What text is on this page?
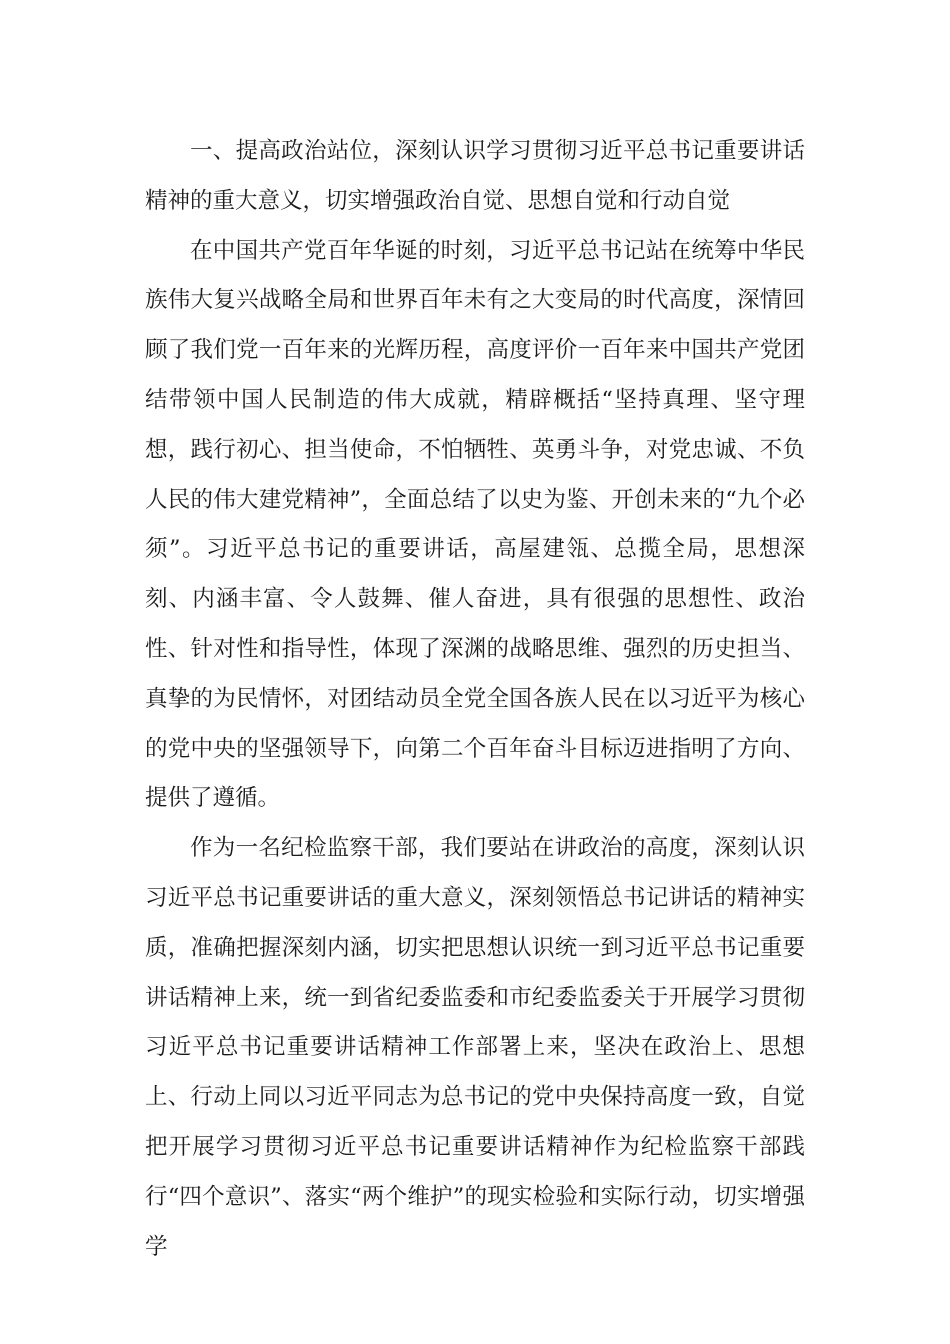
一、提高政治站位，深刻认识学习贯彻习近平总书记重要讲话精神的重大意义，切实增强政治自觉、思想自觉和行动自觉

在中国共产党百年华诞的时刻，习近平总书记站在统筹中华民族伟大复兴战略全局和世界百年未有之大变局的时代高度，深情回顾了我们党一百年来的光辉历程，高度评价一百年来中国共产党团结带领中国人民制造的伟大成就，精辟概括“坚持真理、坚守理想，践行初心、担当使命，不怕牺牲、英勇斗争，对党忠诚、不负人民的伟大建党精神”，全面总结了以史为鉴、开创未来的“九个必须”。习近平总书记的重要讲话，高屋建瓴、总揽全局，思想深刻、内涵丰富、令人鼓舞、催人奋进，具有很强的思想性、政治性、针对性和指导性，体现了深渊的战略思维、强烈的历史担当、真挚的为民情怀，对团结动员全党全国各族人民在以习近平为核心的党中央的坚强领导下，向第二个百年奋斗目标迈进指明了方向、提供了遵循。

作为一名纪检监察干部，我们要站在讲政治的高度，深刻认识习近平总书记重要讲话的重大意义，深刻领悟总书记讲话的精神实质，准确把握深刻内涵，切实把思想认识统一到习近平总书记重要讲话精神上来，统一到省纪委监委和市纪委监委关于开展学习贯彻习近平总书记重要讲话精神工作部署上来，坚决在政治上、思想上、行动上同以习近平同志为总书记的党中央保持高度一致，自觉把开展学习贯彻习近平总书记重要讲话精神作为纪检监察干部践行“四个意识”、落实“两个维护”的现实检验和实际行动，切实增强学
